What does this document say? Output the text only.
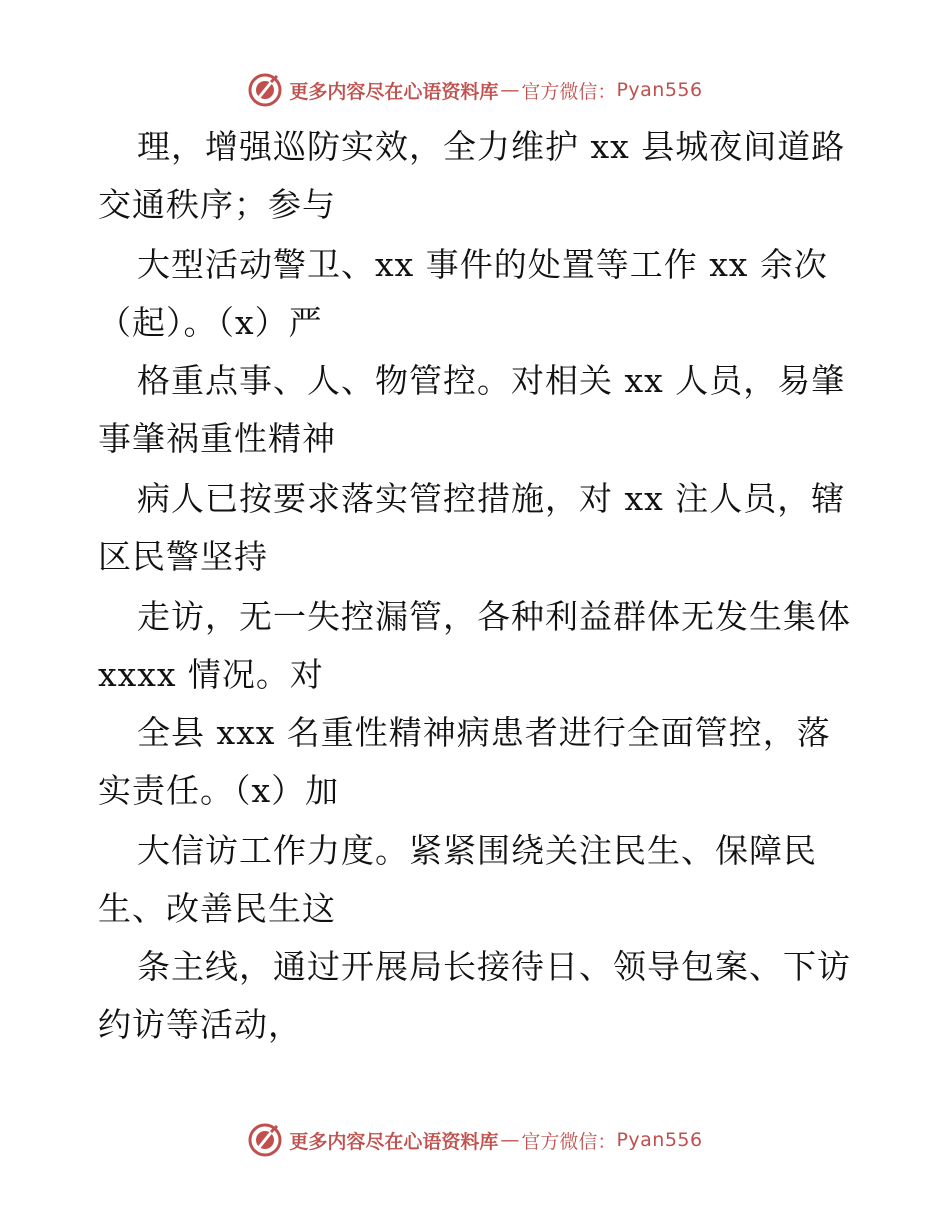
更多内容尽在心语资料库 — 官方微信： Pyan556
理，增强巡防实效，全力维护 xx 县城夜间道路
交通秩序；参与
大型活动警卫、xx 事件的处置等工作 xx 余次
（起）。（x）严
格重点事、人、物管控。对相关 xx 人员，易肇
事肇祸重性精神
病人已按要求落实管控措施，对 xx 注人员，辖
区民警坚持
走访，无一失控漏管，各种利益群体无发生集体
xxxx 情况。对
全县 xxx 名重性精神病患者进行全面管控，落
实责任。（x）加
大信访工作力度。紧紧围绕关注民生、保障民
生、改善民生这
条主线，通过开展局长接待日、领导包案、下访
约访等活动，
更多内容尽在心语资料库 — 官方微信： Pyan556
